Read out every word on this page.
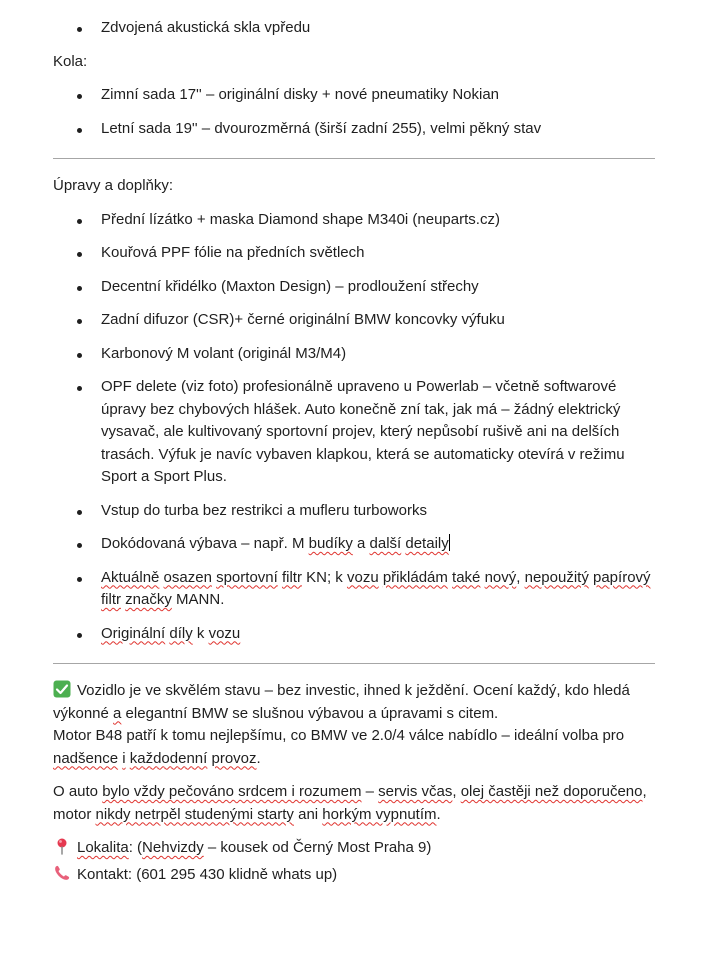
Zdvojená akustická skla vpředu

Kola:

Zimní sada 17'' – originální disky + nové pneumatiky Nokian
Letní sada 19'' – dvourozměrná (širší zadní 255), velmi pěkný stav

Úpravy a doplňky:

Přední lízátko + maska Diamond shape M340i (neuparts.cz)
Kouřová PPF fólie na předních světlech
Decentní křidélko (Maxton Design) – prodloužení střechy
Zadní difuzor (CSR)+ černé originální BMW koncovky výfuku
Karbonový M volant (originál M3/M4)
OPF delete (viz foto) profesionálně upraveno u Powerlab – včetně softwarové úpravy bez chybových hlášek. Auto konečně zní tak, jak má – žádný elektrický vysavač, ale kultivovaný sportovní projev, který nepůsobí rušivě ani na delších trasách. Výfuk je navíc vybaven klapkou, která se automaticky otevírá v režimu Sport a Sport Plus.
Vstup do turba bez restrikci a mufleru turboworks
Dokódovaná výbava – např. M budíky a další detaily
Aktuálně osazen sportovní filtr KN; k vozu přikládám také nový, nepoužitý papírový filtr značky MANN.
Originální díly k vozu

Vozidlo je ve skvělém stavu – bez investic, ihned k ježdění. Ocení každý, kdo hledá výkonné a elegantní BMW se slušnou výbavou a úpravami s citem.
Motor B48 patří k tomu nejlepšímu, co BMW ve 2.0/4 válce nabídlo – ideální volba pro nadšence i každodenní provoz.

O auto bylo vždy pečováno srdcem i rozumem – servis včas, olej častěji než doporučeno, motor nikdy netrpěl studenými starty ani horkým vypnutím.

Lokalita: (Nehvizdy – kousek od Černý Most Praha 9)

Kontakt: (601 295 430 klidně whats up)
